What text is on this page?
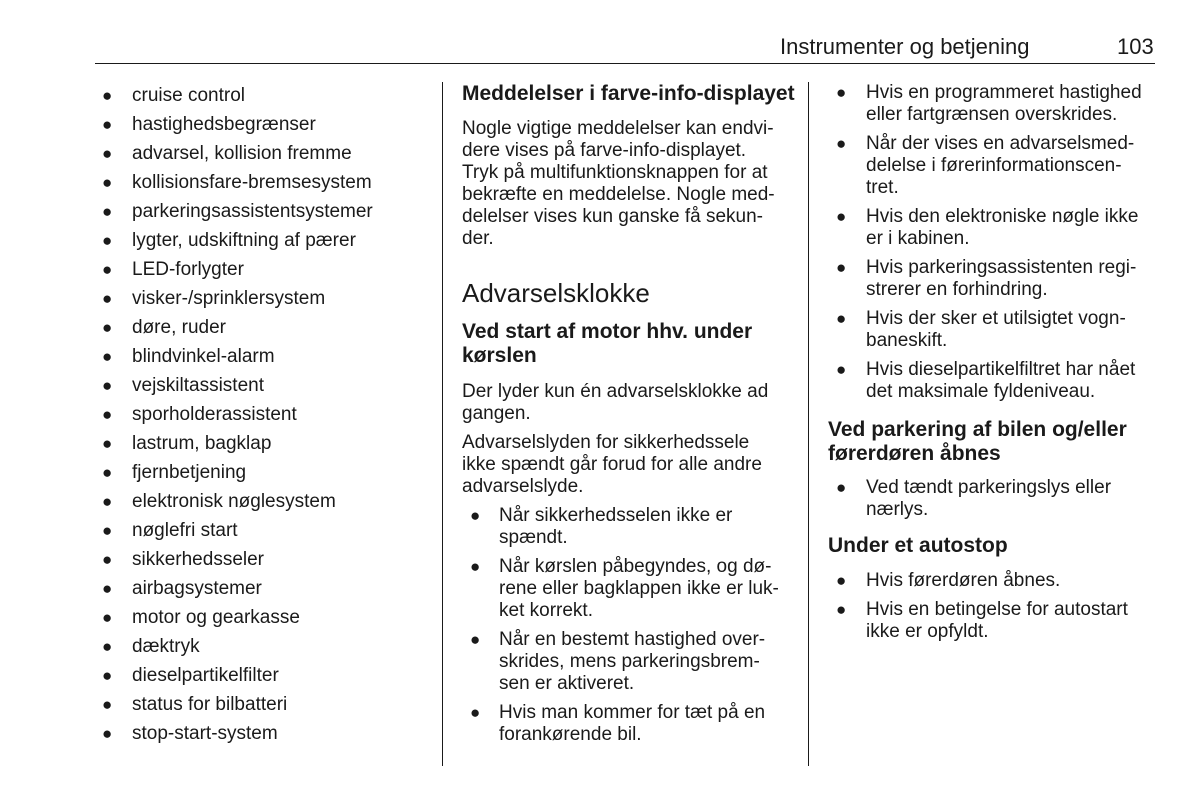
Instrumenter og betjening	103
● cruise control
● hastighedsbegrænser
● advarsel, kollision fremme
● kollisionsfare-bremsesystem
● parkeringsassistentsystemer
● lygter, udskiftning af pærer
● LED-forlygter
● visker-/sprinklersystem
● døre, ruder
● blindvinkel-alarm
● vejskiltassistent
● sporholderassistent
● lastrum, bagklap
● fjernbetjening
● elektronisk nøglesystem
● nøglefri start
● sikkerhedsseler
● airbagsystemer
● motor og gearkasse
● dæktryk
● dieselpartikelfilter
● status for bilbatteri
● stop-start-system
Meddelelser i farve-info-displayet

Nogle vigtige meddelelser kan endvi-
dere vises på farve-info-displayet.
Tryk på multifunktionsknappen for at
bekræfte en meddelelse. Nogle med-
delelser vises kun ganske få sekun-
der.

Advarselsklokke
Ved start af motor hhv. under
kørslen

Der lyder kun én advarselsklokke ad
gangen.

Advarselslyden for sikkerhedssele
ikke spændt går forud for alle andre
advarselslyde.

● Når sikkerhedsselen ikke er
spændt.
● Når kørslen påbegyndes, og dø-
rene eller bagklappen ikke er luk-
ket korrekt.
● Når en bestemt hastighed over-
skrides, mens parkeringsbrem-
sen er aktiveret.
● Hvis man kommer for tæt på en
forankørende bil.
● Hvis en programmeret hastighed
eller fartgrænsen overskrides.
● Når der vises en advarselsmed-
delelse i førerinformationscen-
tret.
● Hvis den elektroniske nøgle ikke
er i kabinen.
● Hvis parkeringsassistenten regi-
strerer en forhindring.
● Hvis der sker et utilsigtet vogn-
baneskift.
● Hvis dieselpartikelfiltret har nået
det maksimale fyldeniveau.
Ved parkering af bilen og/eller
førerdøren åbnes
● Ved tændt parkeringslys eller
nærlys.
Under et autostop
● Hvis førerdøren åbnes.
● Hvis en betingelse for autostart
ikke er opfyldt.
